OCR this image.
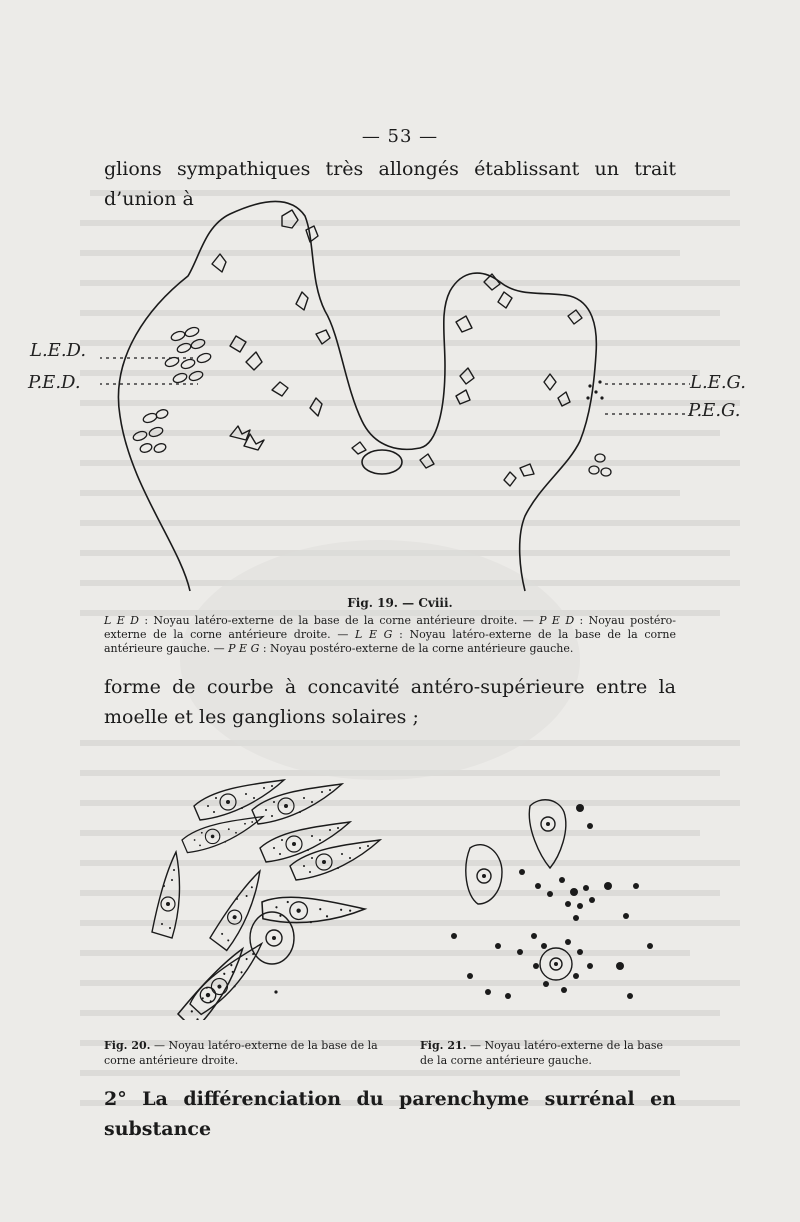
— 53 —
glions sympathiques très allongés établissant un trait d’union à
L.E.D.
P.E.D.	L.E.G.
P.E.G.
Fig. 19. — Cviii.
L E D : Noyau latéro-externe de la base de la corne antérieure droite. — P E D : Noyau postéro-externe de la corne antérieure droite. — L E G : Noyau latéro-externe de la base de la corne antérieure gauche. — P E G : Noyau postéro-externe de la corne antérieure gauche.
forme de courbe à concavité antéro-supérieure entre la moelle et les ganglions solaires ;
Fig. 20. — Noyau latéro-externe de la base de la corne antérieure droite.
Fig. 21. — Noyau latéro-externe de la base de la corne antérieure gauche.
2° La différenciation du parenchyme surrénal en substance
